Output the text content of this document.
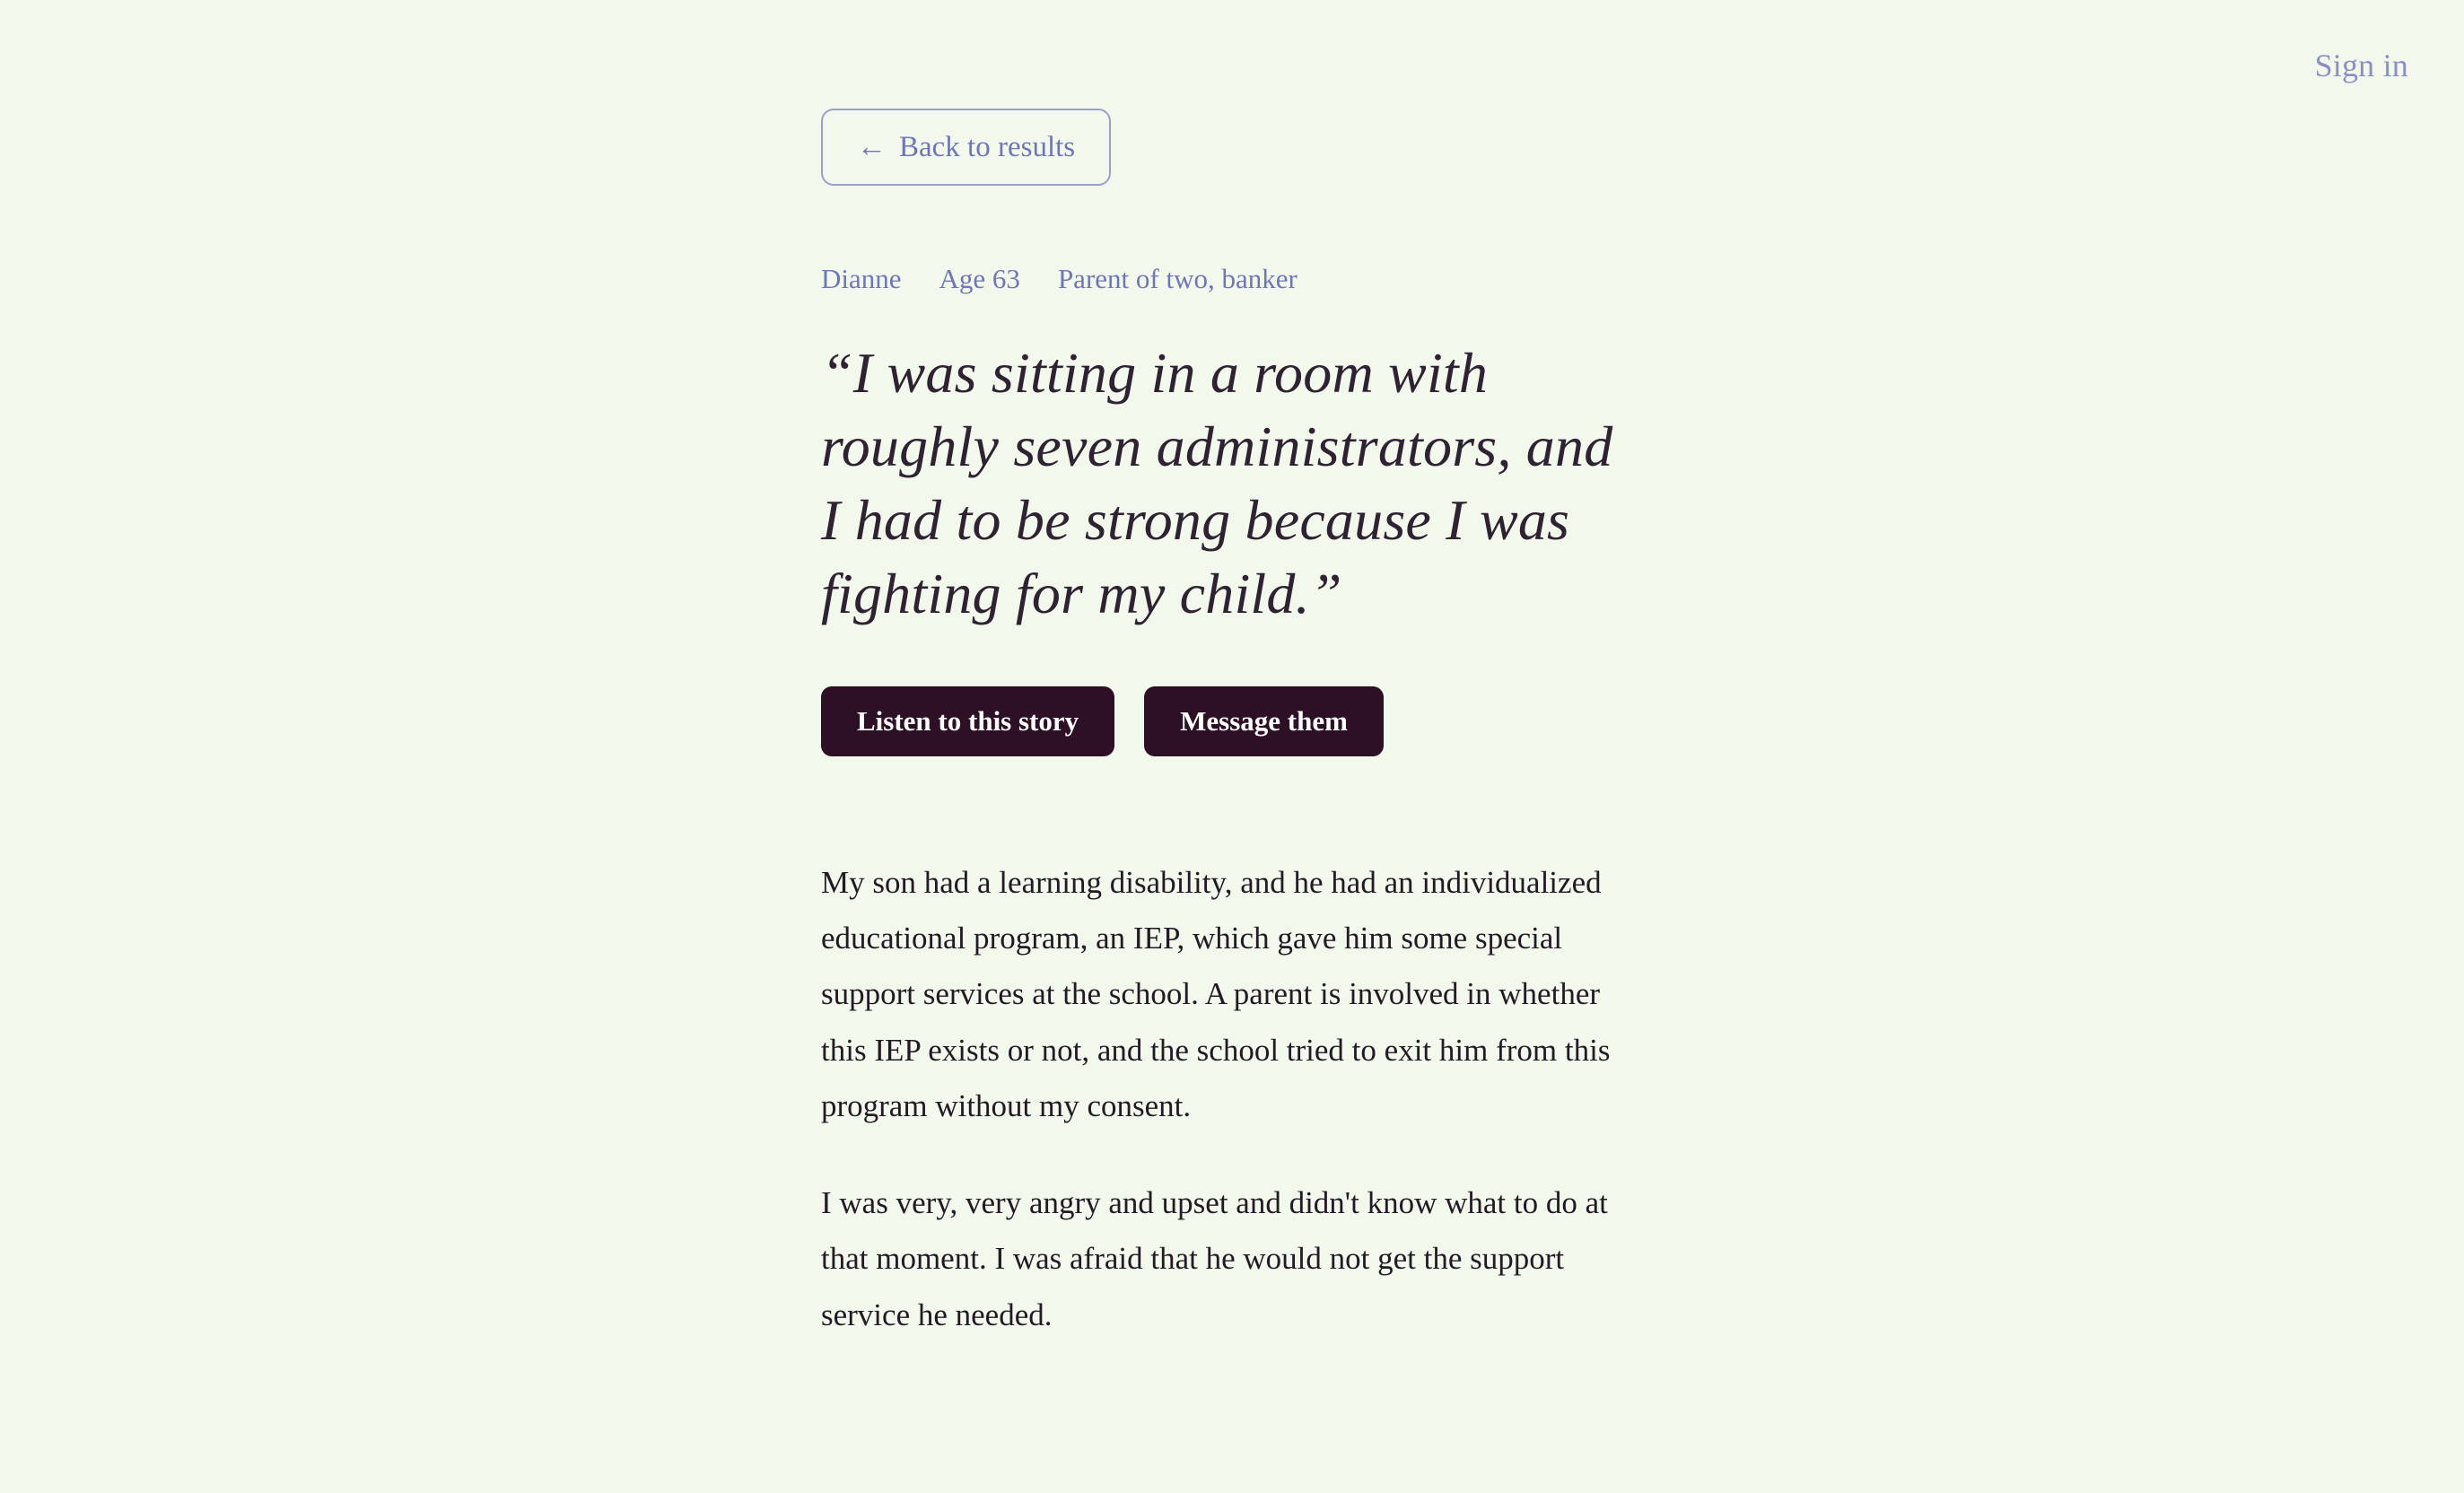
Sign in
← Back to results
Dianne Age 63 Parent of two, banker
“I was sitting in a room with roughly seven administrators, and I had to be strong because I was fighting for my child.”
Listen to this story	Message them

My son had a learning disability, and he had an individualized educational program, an IEP, which gave him some special support services at the school. A parent is involved in whether this IEP exists or not, and the school tried to exit him from this program without my consent.

I was very, very angry and upset and didn't know what to do at that moment. I was afraid that he would not get the support service he needed.
